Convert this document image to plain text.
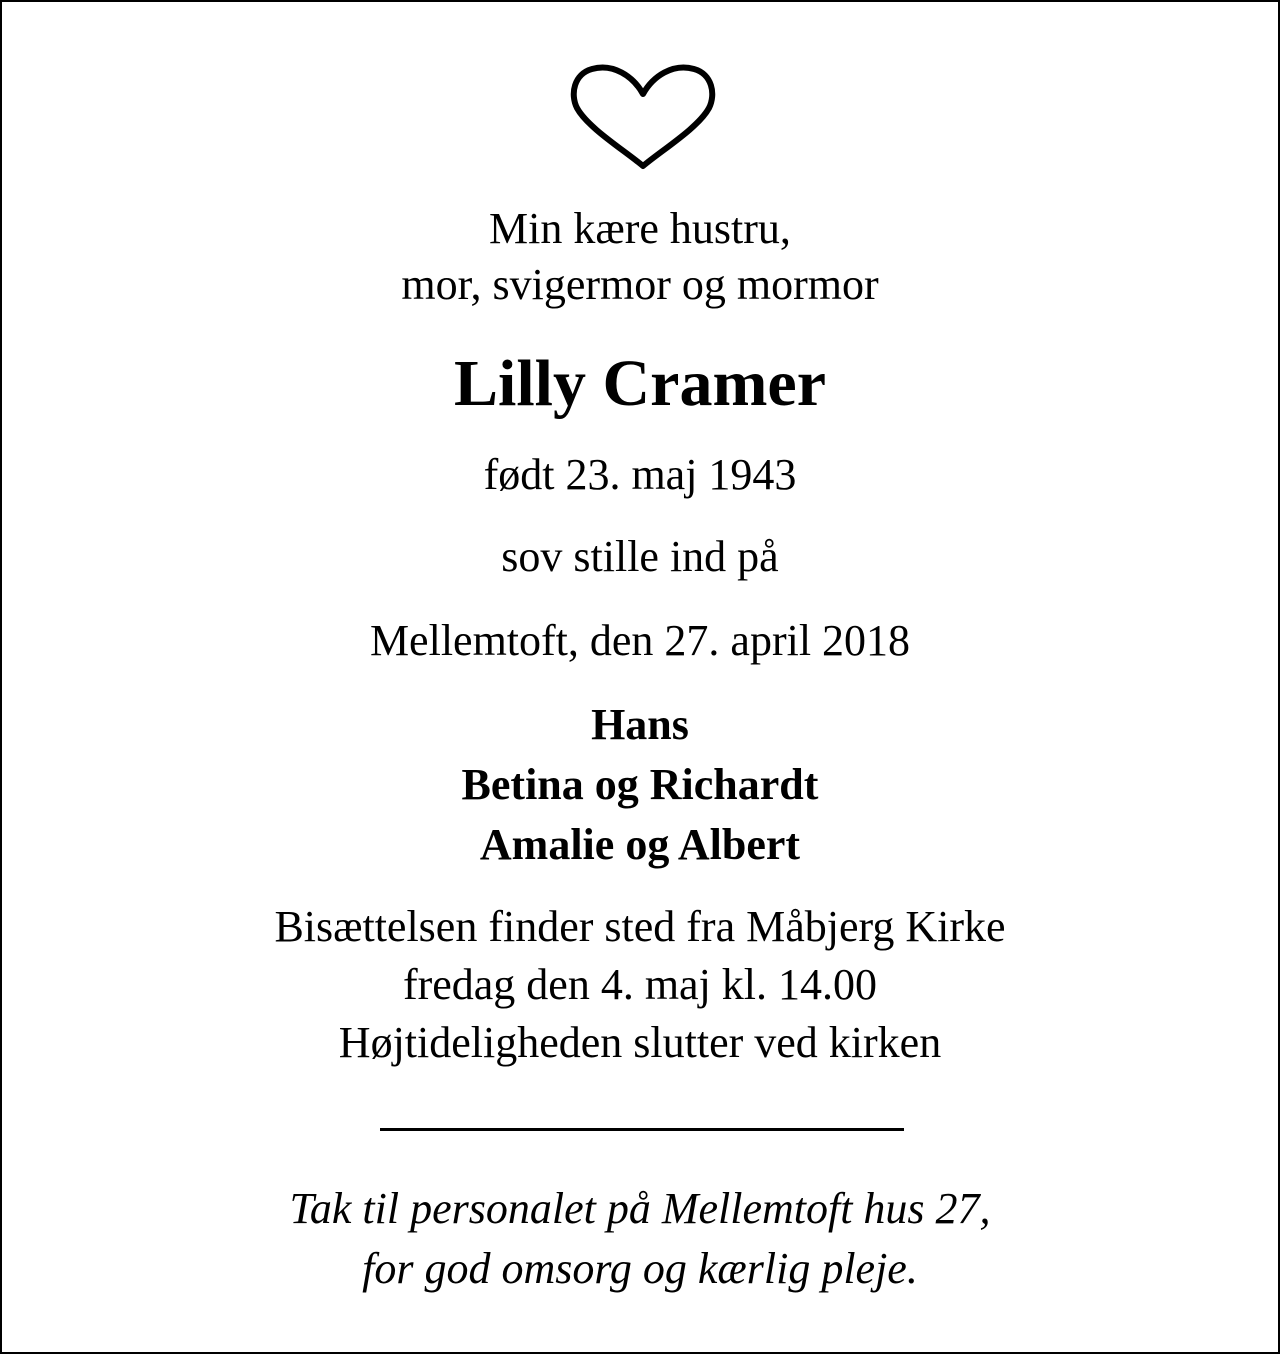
Min kære hustru,
mor, svigermor og mormor
Lilly Cramer
født 23. maj 1943
sov stille ind på
Mellemtoft, den 27. april 2018
Hans
Betina og Richardt
Amalie og Albert
Bisættelsen finder sted fra Måbjerg Kirke
fredag den 4. maj kl. 14.00
Højtideligheden slutter ved kirken
Tak til personalet på Mellemtoft hus 27,
for god omsorg og kærlig pleje.
